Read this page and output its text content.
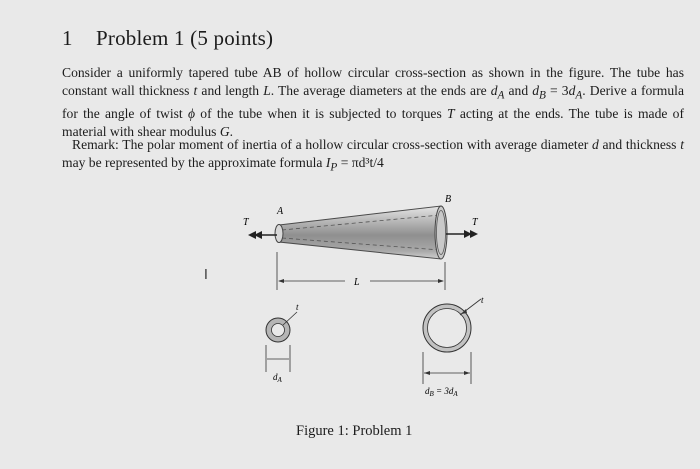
1 Problem 1 (5 points)
Consider a uniformly tapered tube AB of hollow circular cross-section as shown in the figure. The tube has constant wall thickness t and length L. The average diameters at the ends are $d_A$ and $d_B = 3d_A$. Derive a formula for the angle of twist ϕ of the tube when it is subjected to torques T acting at the ends. The tube is made of material with shear modulus G.
Remark: The polar moment of inertia of a hollow circular cross-section with average diameter d and thickness t may be represented by the approximate formula $I_P = \pi d^3t/4$
T	T
A
B
L
t
$d_A$
t
$d_B = 3d_A$
I
Figure 1: Problem 1
